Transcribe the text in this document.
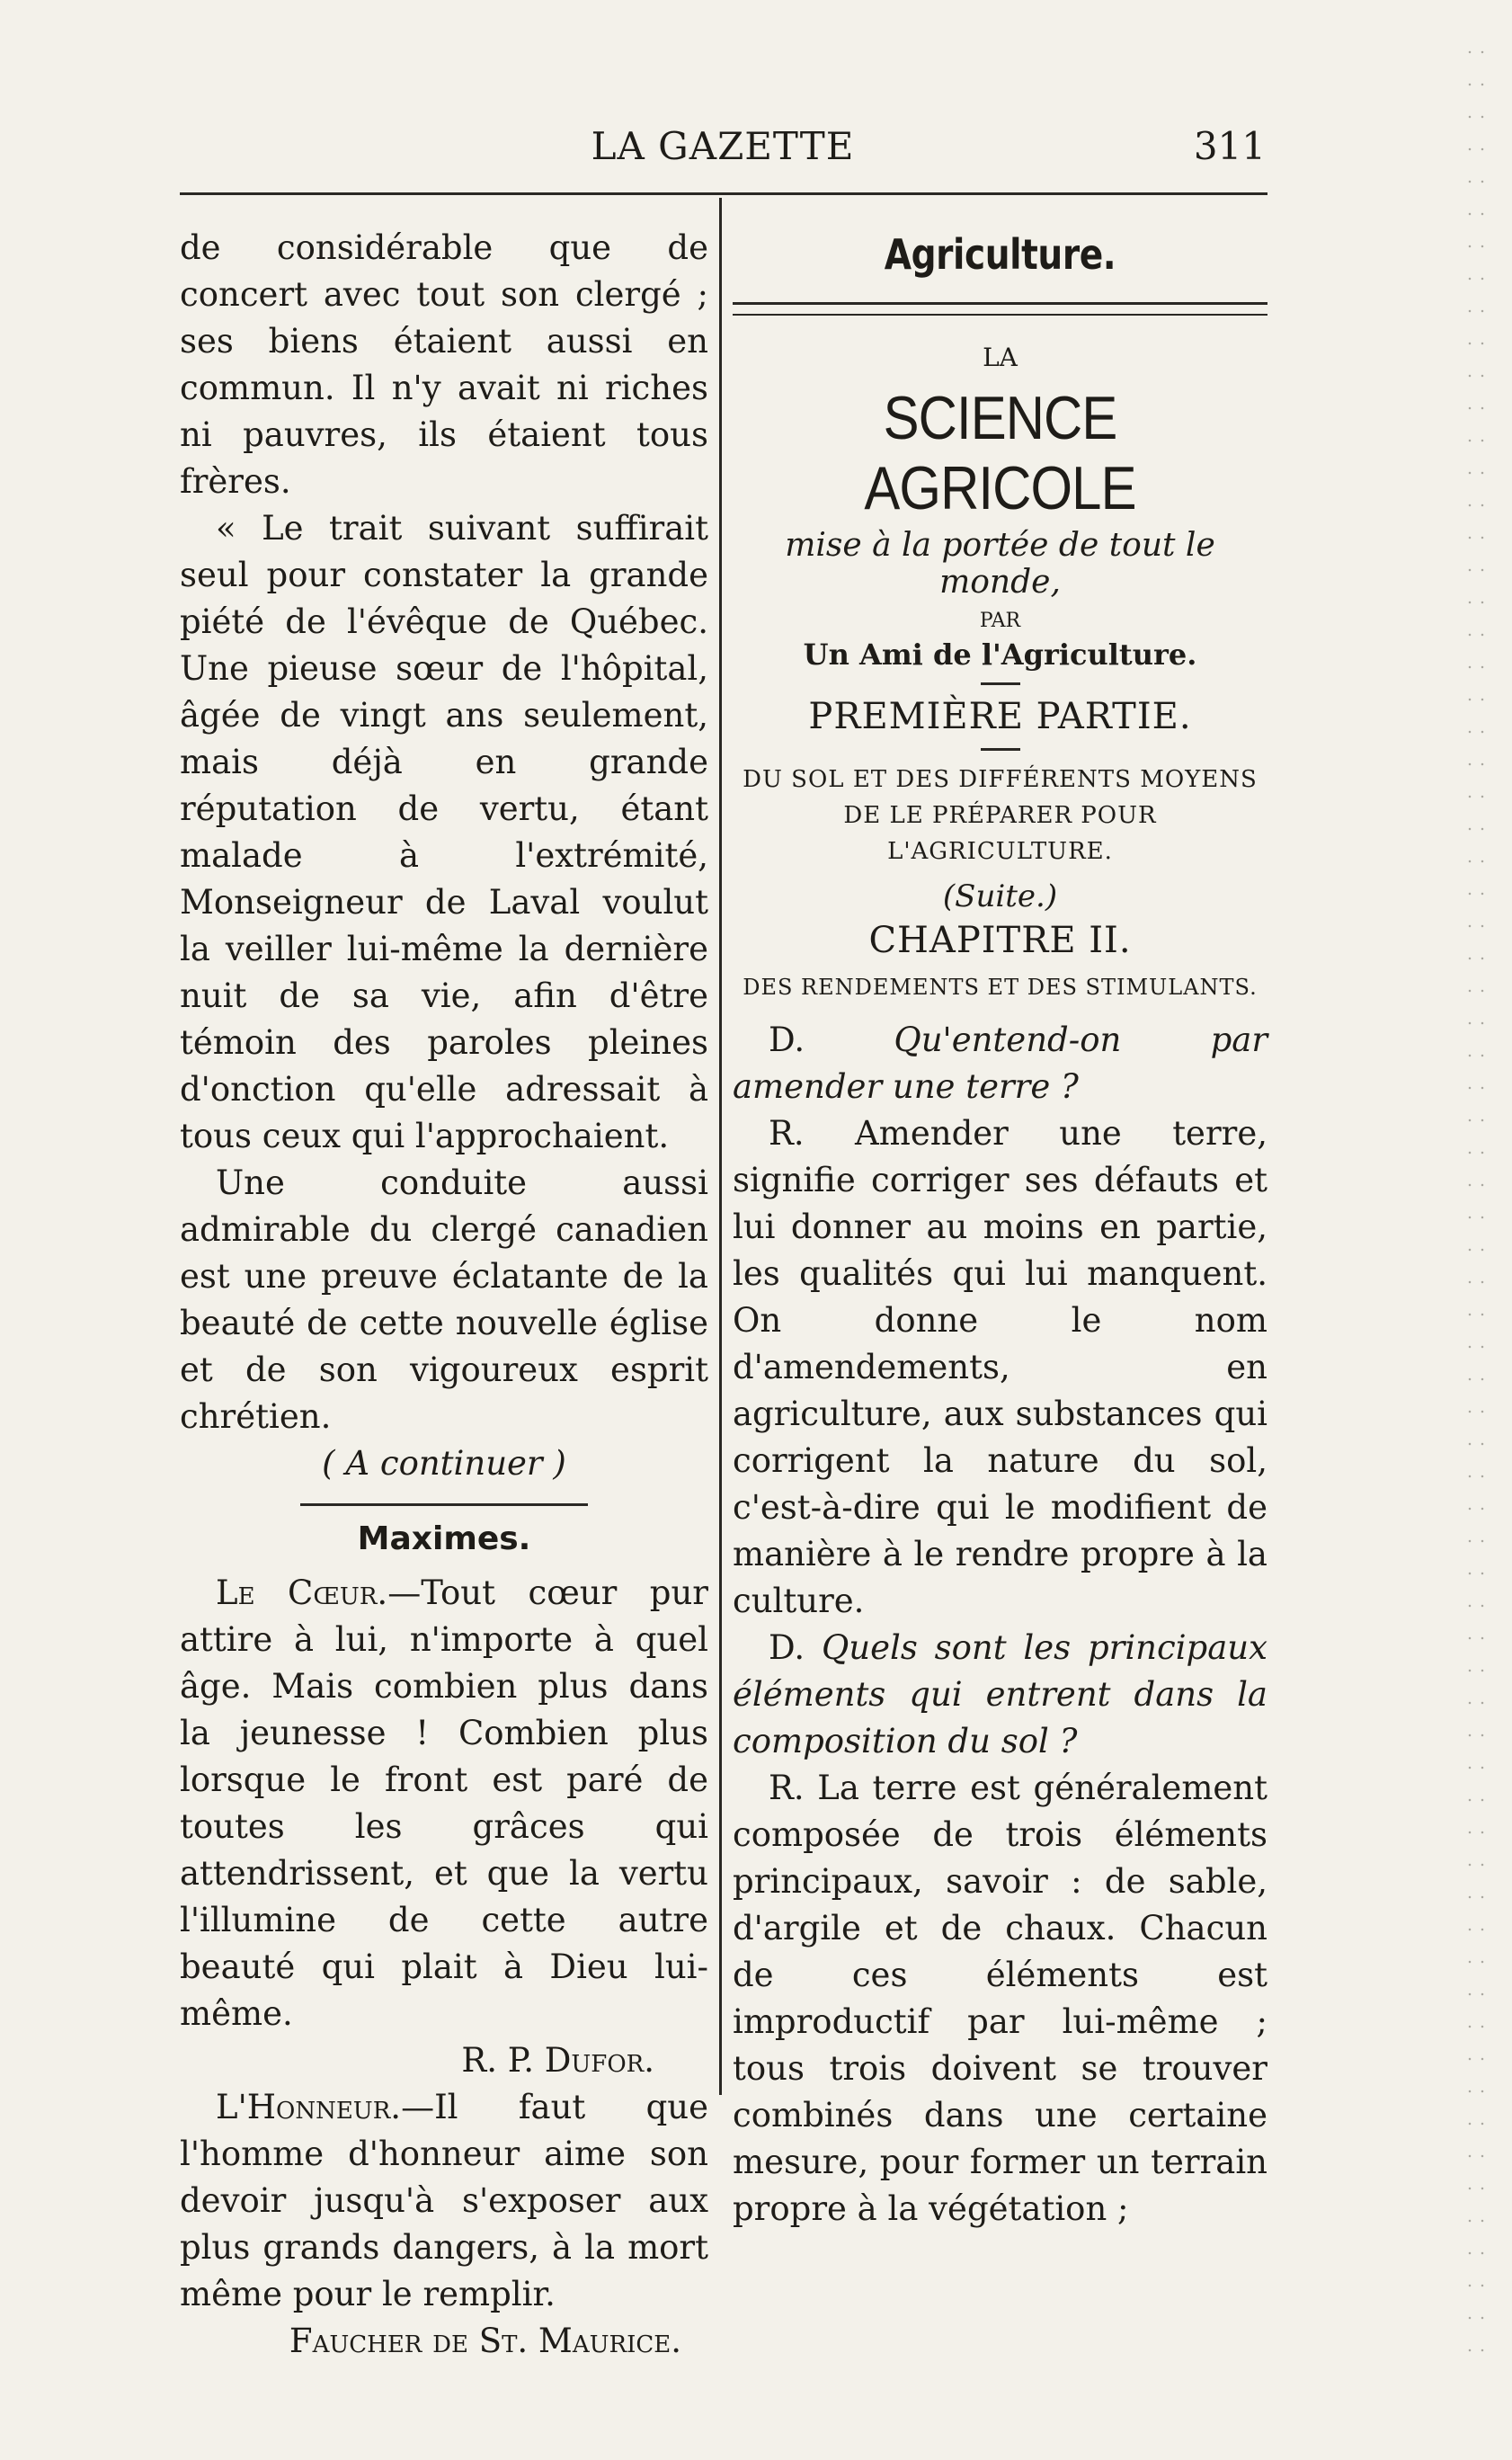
LA GAZETTE	311

de considérable que de concert avec tout son clergé ; ses biens étaient aussi en commun. Il n'y avait ni riches ni pauvres, ils étaient tous frères.

« Le trait suivant suffirait seul pour constater la grande piété de l'évêque de Québec. Une pieuse sœur de l'hôpital, âgée de vingt ans seulement, mais déjà en grande réputation de vertu, étant malade à l'extrémité, Monseigneur de Laval voulut la veiller lui-même la dernière nuit de sa vie, afin d'être témoin des paroles pleines d'onction qu'elle adressait à tous ceux qui l'approchaient.

Une conduite aussi admirable du clergé canadien est une preuve éclatante de la beauté de cette nouvelle église et de son vigoureux esprit chrétien.

( A continuer )

Maximes.

Le Cœur.—Tout cœur pur attire à lui, n'importe à quel âge. Mais combien plus dans la jeunesse ! Combien plus lorsque le front est paré de toutes les grâces qui attendrissent, et que la vertu l'illumine de cette autre beauté qui plait à Dieu lui-même.

R. P. Dufor.

L'Honneur.—Il faut que l'homme d'honneur aime son devoir jusqu'à s'exposer aux plus grands dangers, à la mort même pour le remplir.

Faucher de St. Maurice.

Agriculture.
LA
SCIENCE AGRICOLE
mise à la portée de tout le monde,
PAR
Un Ami de l'Agriculture.
PREMIÈRE PARTIE.
DU SOL ET DES DIFFÉRENTS MOYENS DE LE PRÉPARER POUR L'AGRICULTURE.
(Suite.)
CHAPITRE II.
DES RENDEMENTS ET DES STIMULANTS.

D. Qu'entend-on par amender une terre ?

R. Amender une terre, signifie corriger ses défauts et lui donner au moins en partie, les qualités qui lui manquent. On donne le nom d'amendements, en agriculture, aux substances qui corrigent la nature du sol, c'est-à-dire qui le modifient de manière à le rendre propre à la culture.

D. Quels sont les principaux éléments qui entrent dans la composition du sol ?

R. La terre est généralement composée de trois éléments principaux, savoir : de sable, d'argile et de chaux. Chacun de ces éléments est improductif par lui-même ; tous trois doivent se trouver combinés dans une certaine mesure, pour former un terrain propre à la végétation ;
